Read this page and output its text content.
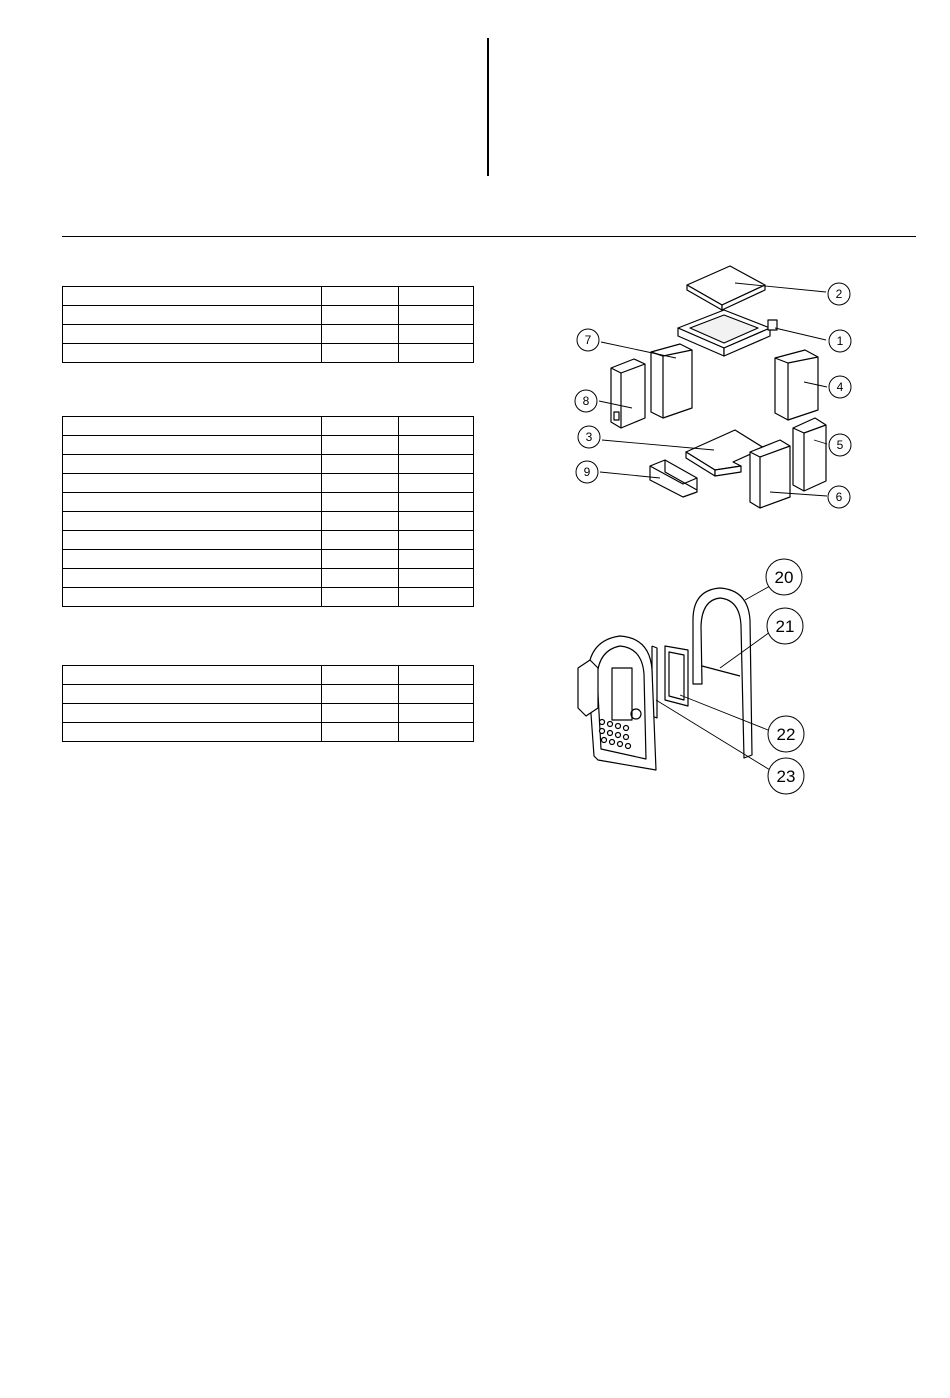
2
1
3
4
5
6
7
8
9
20
21
22
23
